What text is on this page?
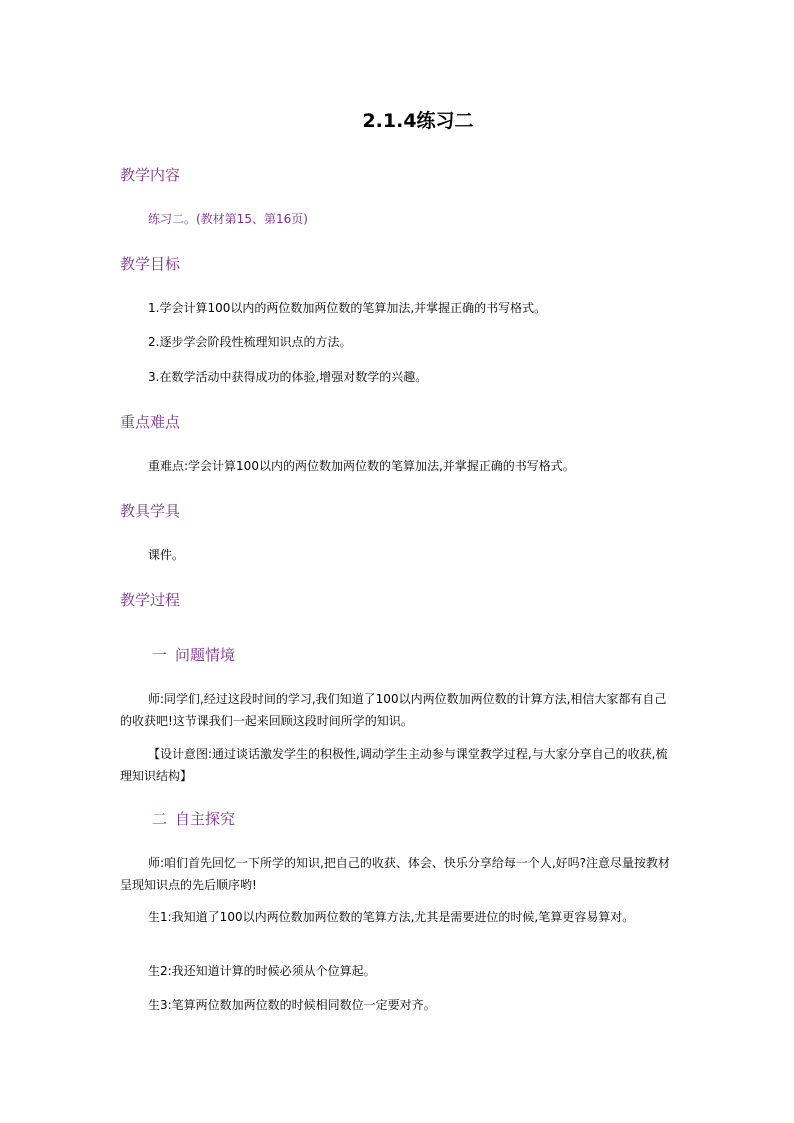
2.1.4练习二
教学内容

练习二。(教材第15、第16页)

教学目标

1.学会计算100以内的两位数加两位数的笔算加法,并掌握正确的书写格式。

2.逐步学会阶段性梳理知识点的方法。

3.在数学活动中获得成功的体验,增强对数学的兴趣。

重点难点

重难点:学会计算100以内的两位数加两位数的笔算加法,并掌握正确的书写格式。

教具学具

课件。

教学过程
一 问题情境

师:同学们,经过这段时间的学习,我们知道了100以内两位数加两位数的计算方法,相信大家都有自己的收获吧!这节课我们一起来回顾这段时间所学的知识。

【设计意图:通过谈话激发学生的积极性,调动学生主动参与课堂教学过程,与大家分享自己的收获,梳理知识结构】

二 自主探究

师:咱们首先回忆一下所学的知识,把自己的收获、体会、快乐分享给每一个人,好吗?注意尽量按教材呈现知识点的先后顺序哟!

生1:我知道了100以内两位数加两位数的笔算方法,尤其是需要进位的时候,笔算更容易算对。

生2:我还知道计算的时候必须从个位算起。

生3:笔算两位数加两位数的时候相同数位一定要对齐。
